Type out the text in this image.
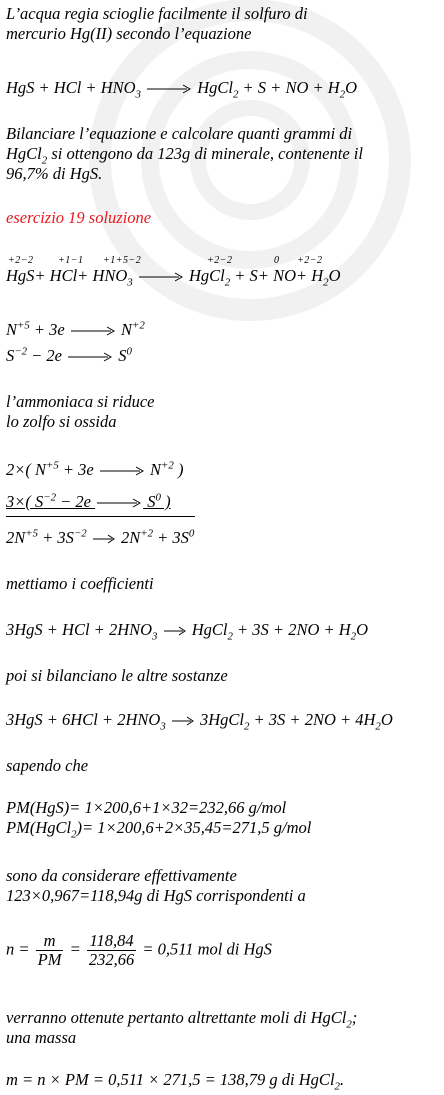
L’acqua regia scioglie facilmente il solfuro di
mercurio Hg(II) secondo l’equazione
HgS + HCl + $HNO_3$	HgCl$_2$ + S + NO + $H_2O$
Bilanciare l’equazione e calcolare quanti grammi di
HgCl$_2$ si ottengono da 123g di minerale, contenente il
96,7% di HgS.
esercizio 19 soluzione
+2−2 +1−1 +1+5−2	+2−2	0 +2−2
$HgS+ HCl+ HNO_3$	HgCl$_2$ + $S+ NO+ H_2O$
$N^{+5} + 3e$	$N^{+2}$
$S^{-2} - 2e$	$S^0$
l’ammoniaca si riduce
lo zolfo si ossida
2×( $N^{+5} + 3e$	$N^{+2}$ )
3×( $S^{-2} - 2e$	$S^0$ )
$2N^{+5} + 3S^{-2}$ $2N^{+2} + 3S^0$
mettiamo i coefficienti
3HgS + HCl + $2HNO_3$ HgCl$_2$ + $3S + 2NO + H_2O$
poi si bilanciano le altre sostanze
$3HgS + 6HCl + 2HNO_3$ 3HgCl$_2$ + $3S + 2NO + 4H_2O$
sapendo che
PM(HgS)= 1×200,6+1×32=232,66 g/mol
PM(HgCl$_2$)= 1×200,6+2×35,45=271,5 g/mol
sono da considerare effettivamente
123×0,967=118,94g di HgS corrispondenti a
$n = \frac{m}{PM} = \frac{118,84}{232,66} = 0,511$ mol di HgS
verranno ottenute pertanto altrettante moli di HgCl$_2$;
una massa
m = n × PM = 0,511 × 271,5 = 138,79 g di HgCl$_2$.
